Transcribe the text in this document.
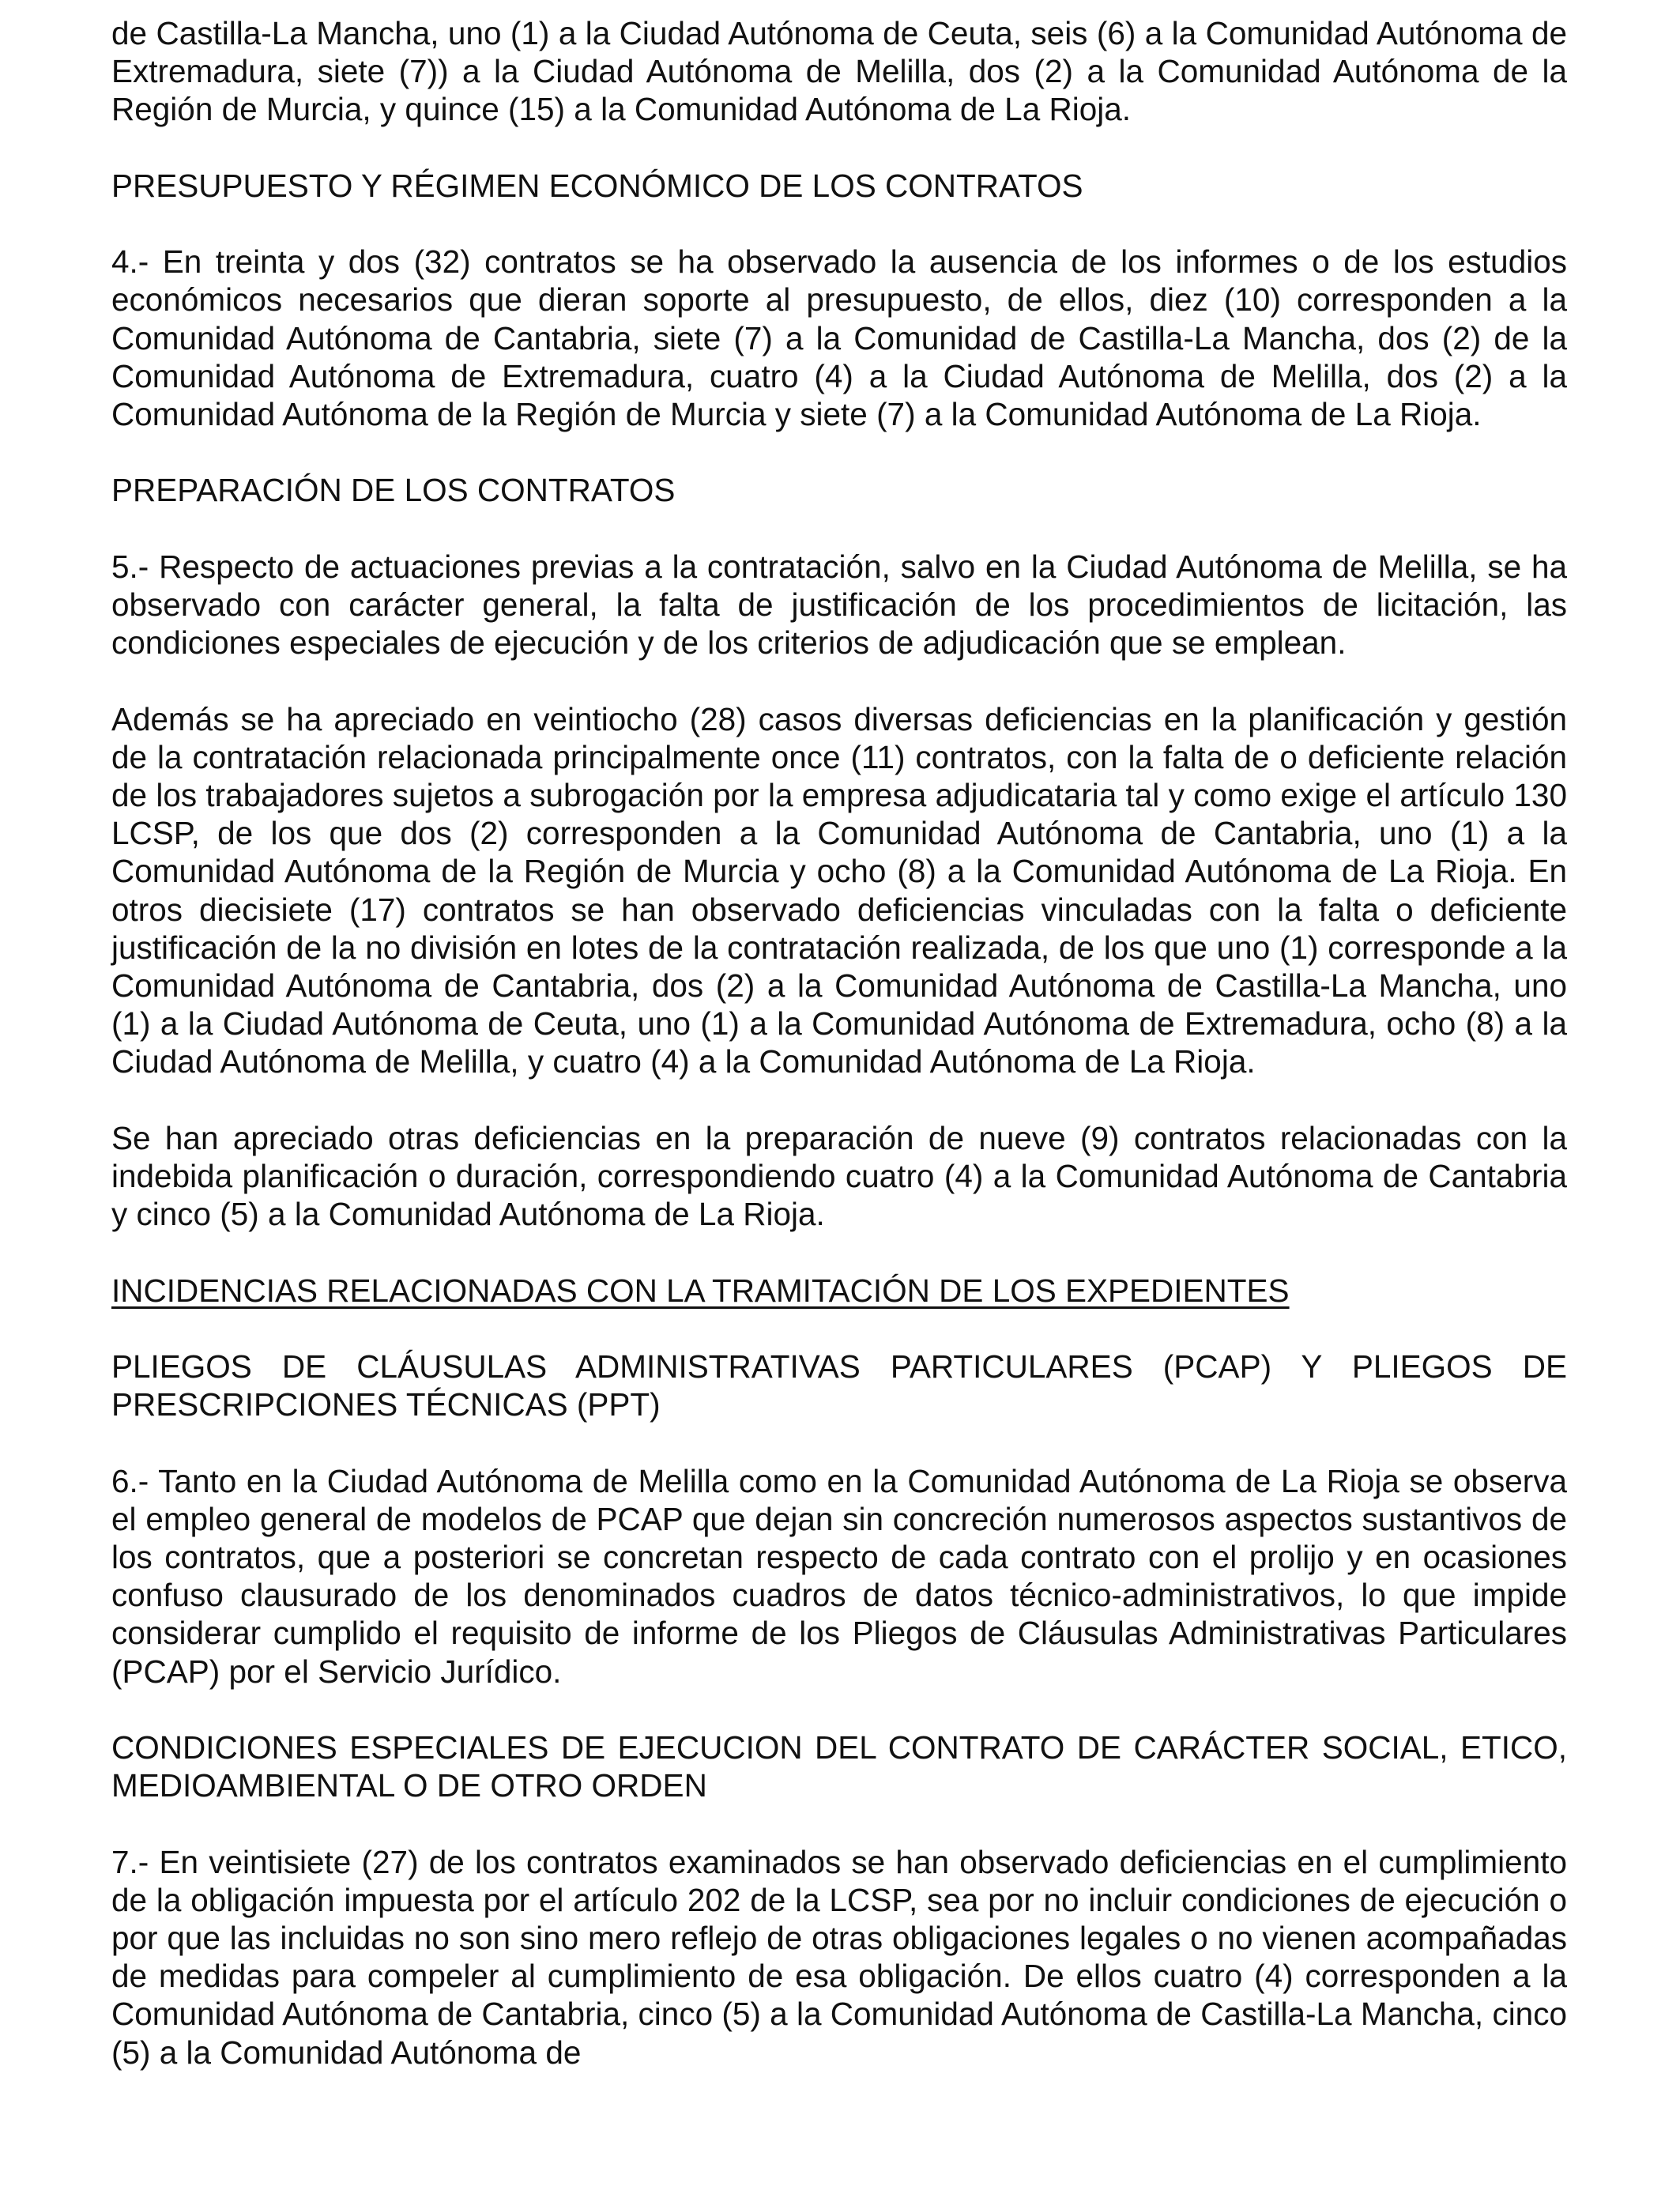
de Castilla-La Mancha, uno (1) a la Ciudad Autónoma de Ceuta, seis (6) a la Comunidad Autónoma de Extremadura, siete (7)) a la Ciudad Autónoma de Melilla, dos (2) a la Comunidad Autónoma de la Región de Murcia, y quince (15) a la Comunidad Autónoma de La Rioja.

PRESUPUESTO Y RÉGIMEN ECONÓMICO DE LOS CONTRATOS

4.- En treinta y dos (32) contratos se ha observado la ausencia de los informes o de los estudios económicos necesarios que dieran soporte al presupuesto, de ellos, diez (10) corresponden a la Comunidad Autónoma de Cantabria, siete (7) a la Comunidad de Castilla-La Mancha, dos (2) de la Comunidad Autónoma de Extremadura, cuatro (4) a la Ciudad Autónoma de Melilla, dos (2) a la Comunidad Autónoma de la Región de Murcia y siete (7) a la Comunidad Autónoma de La Rioja.

PREPARACIÓN DE LOS CONTRATOS

5.- Respecto de actuaciones previas a la contratación, salvo en la Ciudad Autónoma de Melilla, se ha observado con carácter general, la falta de justificación de los procedimientos de licitación, las condiciones especiales de ejecución y de los criterios de adjudicación que se emplean.

Además se ha apreciado en veintiocho (28) casos diversas deficiencias en la planificación y gestión de la contratación relacionada principalmente once (11) contratos, con la falta de o deficiente relación de los trabajadores sujetos a subrogación por la empresa adjudicataria tal y como exige el artículo 130 LCSP, de los que dos (2) corresponden a la Comunidad Autónoma de Cantabria, uno (1) a la Comunidad Autónoma de la Región de Murcia y ocho (8) a la Comunidad Autónoma de La Rioja. En otros diecisiete (17) contratos se han observado deficiencias vinculadas con la falta o deficiente justificación de la no división en lotes de la contratación realizada, de los que uno (1) corresponde a la Comunidad Autónoma de Cantabria, dos (2) a la Comunidad Autónoma de Castilla-La Mancha, uno (1) a la Ciudad Autónoma de Ceuta, uno (1) a la Comunidad Autónoma de Extremadura, ocho (8) a la Ciudad Autónoma de Melilla, y cuatro (4) a la Comunidad Autónoma de La Rioja.

Se han apreciado otras deficiencias en la preparación de nueve (9) contratos relacionadas con la indebida planificación o duración, correspondiendo cuatro (4) a la Comunidad Autónoma de Cantabria y cinco (5) a la Comunidad Autónoma de La Rioja.

INCIDENCIAS RELACIONADAS CON LA TRAMITACIÓN DE LOS EXPEDIENTES

PLIEGOS DE CLÁUSULAS ADMINISTRATIVAS PARTICULARES (PCAP) Y PLIEGOS DE PRESCRIPCIONES TÉCNICAS (PPT)

6.- Tanto en la Ciudad Autónoma de Melilla como en la Comunidad Autónoma de La Rioja se observa el empleo general de modelos de PCAP que dejan sin concreción numerosos aspectos sustantivos de los contratos, que a posteriori se concretan respecto de cada contrato con el prolijo y en ocasiones confuso clausurado de los denominados cuadros de datos técnico-administrativos, lo que impide considerar cumplido el requisito de informe de los Pliegos de Cláusulas Administrativas Particulares (PCAP) por el Servicio Jurídico.

CONDICIONES ESPECIALES DE EJECUCION DEL CONTRATO DE CARÁCTER SOCIAL, ETICO, MEDIOAMBIENTAL O DE OTRO ORDEN

7.- En veintisiete (27) de los contratos examinados se han observado deficiencias en el cumplimiento de la obligación impuesta por el artículo 202 de la LCSP, sea por no incluir condiciones de ejecución o por que las incluidas no son sino mero reflejo de otras obligaciones legales o no vienen acompañadas de medidas para compeler al cumplimiento de esa obligación. De ellos cuatro (4) corresponden a la Comunidad Autónoma de Cantabria, cinco (5) a la Comunidad Autónoma de Castilla-La Mancha, cinco (5) a la Comunidad Autónoma de
